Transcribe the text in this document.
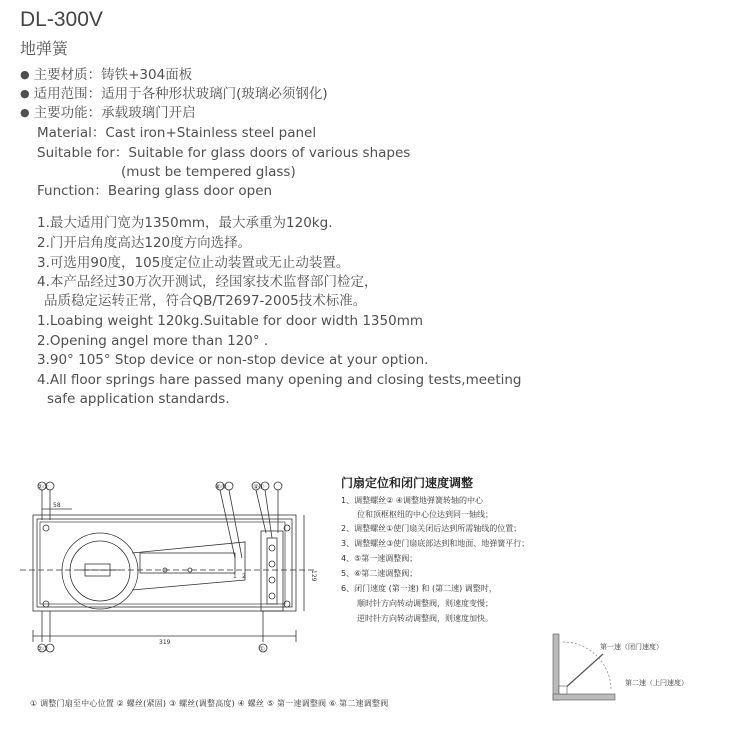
DL-300V
地弹簧
● 主要材质：铸铁+304面板
● 适用范围：适用于各种形状玻璃门(玻璃必须钢化)
● 主要功能：承载玻璃门开启
Material：Cast iron+Stainless steel panel
Suitable for：Suitable for glass doors of various shapes
(must be tempered glass)
Function：Bearing glass door open
1.最大适用门宽为1350mm，最大承重为120kg.
2.门开启角度高达120度方向选择。
3.可选用90度，105度定位止动装置或无止动装置。
4.本产品经过30万次开测试，经国家技术监督部门检定，
品质稳定运转正常，符合QB/T2697-2005技术标准。
1.Loabing weight 120kg.Suitable for door width 1350mm
2.Opening angel more than 120° .
3.90° 105° Stop device or non-stop device at your option.
4.All floor springs hare passed many opening and closing tests,meeting
safe application standards.
②③
②③
⑥⑤	④①
①
1 2
58
129
319
门扇定位和闭门速度调整
1、调整螺丝② ④调整地弹簧转轴的中心
位和顶框枢纽的中心位达到同一轴线；
2、调整螺丝①使门扇关闭后达到所需轴线的位置；
3、调整螺丝③使门扇底部达到和地面、地弹簧平行；
4、⑤第一速调整阀；
5、⑥第二速调整阀；
6、闭门速度 (第一速) 和 (第二速) 调整时，
顺时针方向转动调整阀，则速度变慢；
逆时针方向转动调整阀，则速度加快。
第一速（闭门速度）
第二速（上闩速度）
① 调整门扇至中心位置 ② 螺丝(紧固) ③ 螺丝(调整高度) ④ 螺丝 ⑤ 第一速调整阀 ⑥ 第二速调整阀
